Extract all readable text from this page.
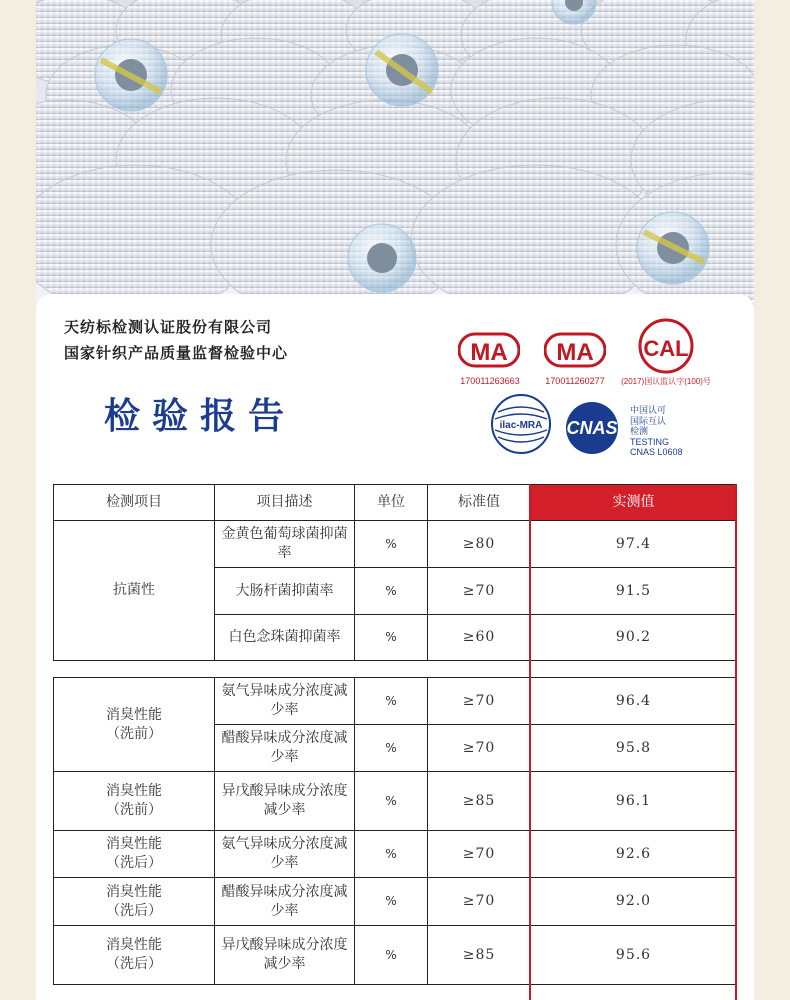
天纺标检测认证股份有限公司
国家针织产品质量监督检验中心
检验报告
MA
170011263663
MA
170011260277
CAL
(2017)国认监认字(100)号
ilac-MRA CNAS
中国认可
国际互认
检测
TESTING
CNAS L0608
检测项目	项目描述	单位	标准值	实测值
抗菌性	金黄色葡萄球菌抑菌率	%	≥80	97.4
	大肠杆菌抑菌率	%	≥70	91.5
	白色念珠菌抑菌率	%	≥60	90.2
消臭性能
（洗前）	氨气异味成分浓度减少率	%	≥70	96.4
	醋酸异味成分浓度减少率	%	≥70	95.8

消臭性能
（洗前）	异戊酸异味成分浓度减少率	%	≥85	96.1

消臭性能
（洗后）	氨气异味成分浓度减少率	%	≥70	92.6

消臭性能
（洗后）	醋酸异味成分浓度减少率	%	≥70	92.0

消臭性能
（洗后）	异戊酸异味成分浓度减少率	%	≥85	95.6
